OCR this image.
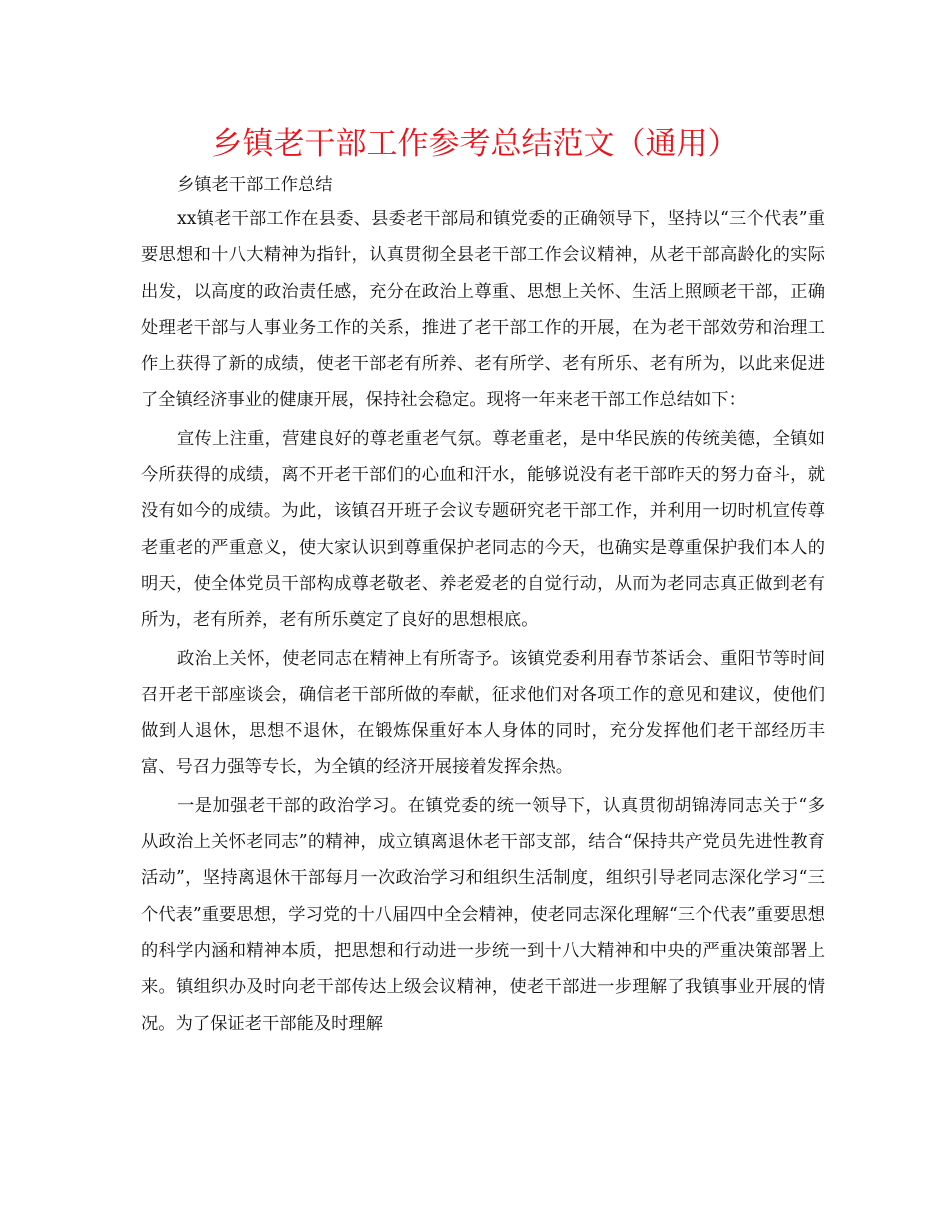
乡镇老干部工作参考总结范文（通用）

乡镇老干部工作总结

xx镇老干部工作在县委、县委老干部局和镇党委的正确领导下，坚持以“三个代表”重要思想和十八大精神为指针，认真贯彻全县老干部工作会议精神，从老干部高龄化的实际出发，以高度的政治责任感，充分在政治上尊重、思想上关怀、生活上照顾老干部，正确处理老干部与人事业务工作的关系，推进了老干部工作的开展，在为老干部效劳和治理工作上获得了新的成绩，使老干部老有所养、老有所学、老有所乐、老有所为，以此来促进了全镇经济事业的健康开展，保持社会稳定。现将一年来老干部工作总结如下：

宣传上注重，营建良好的尊老重老气氛。尊老重老，是中华民族的传统美德，全镇如今所获得的成绩，离不开老干部们的心血和汗水，能够说没有老干部昨天的努力奋斗，就没有如今的成绩。为此，该镇召开班子会议专题研究老干部工作，并利用一切时机宣传尊老重老的严重意义，使大家认识到尊重保护老同志的今天，也确实是尊重保护我们本人的明天，使全体党员干部构成尊老敬老、养老爱老的自觉行动，从而为老同志真正做到老有所为，老有所养，老有所乐奠定了良好的思想根底。

政治上关怀，使老同志在精神上有所寄予。该镇党委利用春节茶话会、重阳节等时间召开老干部座谈会，确信老干部所做的奉献，征求他们对各项工作的意见和建议，使他们做到人退休，思想不退休，在锻炼保重好本人身体的同时，充分发挥他们老干部经历丰富、号召力强等专长，为全镇的经济开展接着发挥余热。

一是加强老干部的政治学习。在镇党委的统一领导下，认真贯彻胡锦涛同志关于“多从政治上关怀老同志”的精神，成立镇离退休老干部支部，结合“保持共产党员先进性教育活动”，坚持离退休干部每月一次政治学习和组织生活制度，组织引导老同志深化学习“三个代表”重要思想，学习党的十八届四中全会精神，使老同志深化理解“三个代表”重要思想的科学内涵和精神本质，把思想和行动进一步统一到十八大精神和中央的严重决策部署上来。镇组织办及时向老干部传达上级会议精神，使老干部进一步理解了我镇事业开展的情况。为了保证老干部能及时理解
